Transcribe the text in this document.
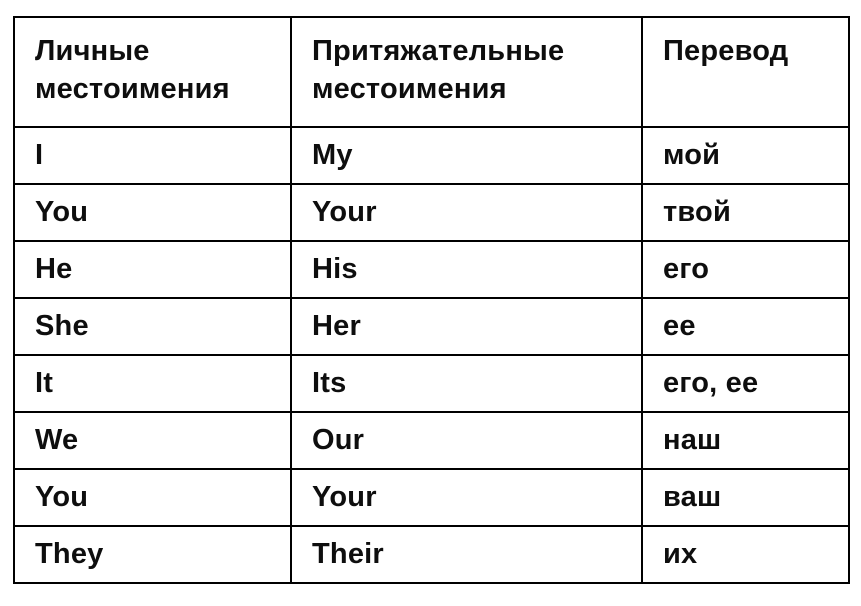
Личные местоимения	Притяжательные местоимения	Перевод
I	My	мой
You	Your	твой
He	His	его
She	Her	ее
It	Its	его, ее
We	Our	наш
You	Your	ваш
They	Their	их
